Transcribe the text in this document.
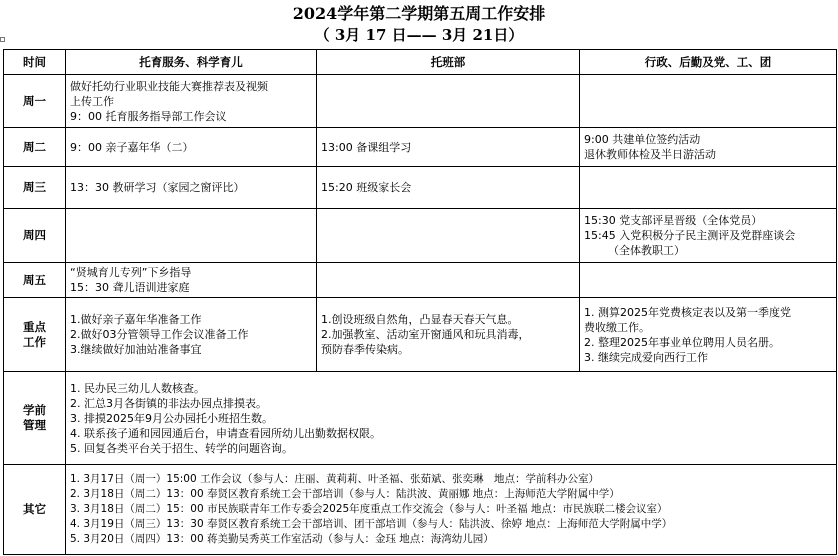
2024学年第二学期第五周工作安排
（ 3月 17 日—— 3月 21日）
时间	托育服务、科学育儿	托班部	行政、后勤及党、工、团
周一	做好托幼行业职业技能大赛推荐表及视频
上传工作
9：00 托育服务指导部工作会议		

周二	9：00 亲子嘉年华（二）	13:00 备课组学习	9:00 共建单位签约活动
退休教师体检及半日游活动

周三	13：30 教研学习（家园之窗评比）	15:20 班级家长会	

周四			15:30 党支部评星晋级（全体党员）
15:45 入党积极分子民主测评及党群座谈会
（全体教职工）

周五	“贤城育儿专列”下乡指导
15：30 聋儿语训进家庭		

重点工作	1.做好亲子嘉年华准备工作
2.做好03分管领导工作会议准备工作
3.继续做好加油站准备事宜	1.创设班级自然角，凸显春天春天气息。
2.加强教室、活动室开窗通风和玩具消毒，
预防春季传染病。	1. 测算2025年党费核定表以及第一季度党
费收缴工作。
2. 整理2025年事业单位聘用人员名册。
3. 继续完成爱向西行工作

学前管理	1. 民办民三幼儿人数核查。
2. 汇总3月各街镇的非法办园点排摸表。
3. 排摸2025年9月公办园托小班招生数。
4. 联系孩子通和园园通后台，申请查看园所幼儿出勤数据权限。
5. 回复各类平台关于招生、转学的问题咨询。		

其它	1. 3月17日（周一）15:00 工作会议（参与人：庄丽、黄莉莉、叶圣福、张茹斌、张奕琳　地点：学前科办公室）
2. 3月18日（周二）13：00 奉贤区教育系统工会干部培训（参与人：陆洪波、黄丽娜 地点：上海师范大学附属中学）
3. 3月18日（周二）15：00 市民族联青年工作专委会2025年度重点工作交流会（参与人：叶圣福 地点：市民族联二楼会议室）
4. 3月19日（周三）13：30 奉贤区教育系统工会干部培训、团干部培训（参与人：陆洪波、徐婷 地点：上海师范大学附属中学）
5. 3月20日（周四）13：00 蒋美勤吴秀英工作室活动（参与人：金珏 地点：海湾幼儿园）		
